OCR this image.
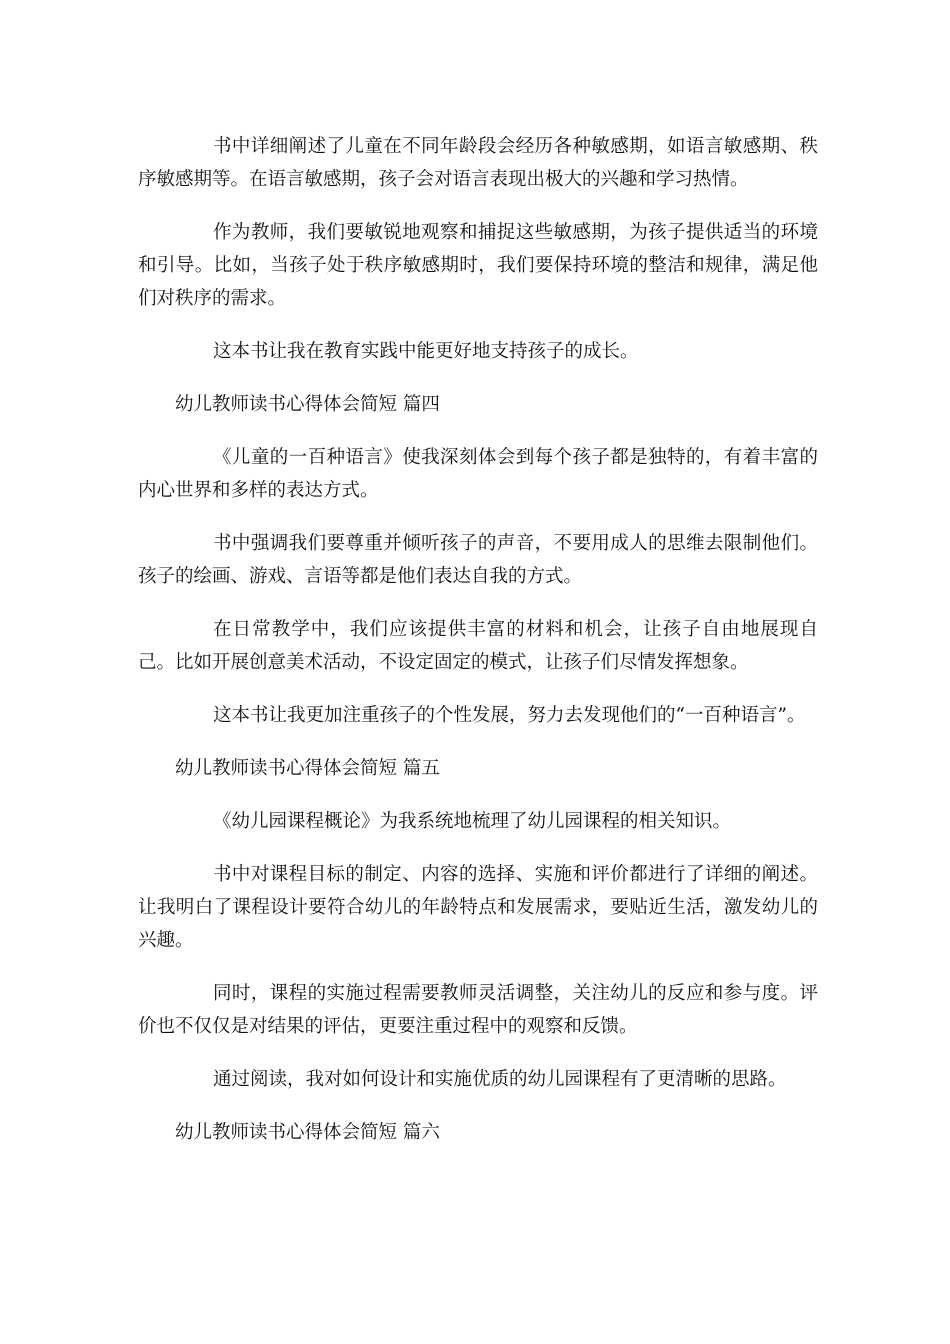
书中详细阐述了儿童在不同年龄段会经历各种敏感期，如语言敏感期、秩序敏感期等。在语言敏感期，孩子会对语言表现出极大的兴趣和学习热情。

作为教师，我们要敏锐地观察和捕捉这些敏感期，为孩子提供适当的环境和引导。比如，当孩子处于秩序敏感期时，我们要保持环境的整洁和规律，满足他们对秩序的需求。

这本书让我在教育实践中能更好地支持孩子的成长。

幼儿教师读书心得体会简短 篇四

《儿童的一百种语言》使我深刻体会到每个孩子都是独特的，有着丰富的内心世界和多样的表达方式。

书中强调我们要尊重并倾听孩子的声音，不要用成人的思维去限制他们。孩子的绘画、游戏、言语等都是他们表达自我的方式。

在日常教学中，我们应该提供丰富的材料和机会，让孩子自由地展现自己。比如开展创意美术活动，不设定固定的模式，让孩子们尽情发挥想象。

这本书让我更加注重孩子的个性发展，努力去发现他们的“一百种语言”。

幼儿教师读书心得体会简短 篇五

《幼儿园课程概论》为我系统地梳理了幼儿园课程的相关知识。

书中对课程目标的制定、内容的选择、实施和评价都进行了详细的阐述。让我明白了课程设计要符合幼儿的年龄特点和发展需求，要贴近生活，激发幼儿的兴趣。

同时，课程的实施过程需要教师灵活调整，关注幼儿的反应和参与度。评价也不仅仅是对结果的评估，更要注重过程中的观察和反馈。

通过阅读，我对如何设计和实施优质的幼儿园课程有了更清晰的思路。

幼儿教师读书心得体会简短 篇六
